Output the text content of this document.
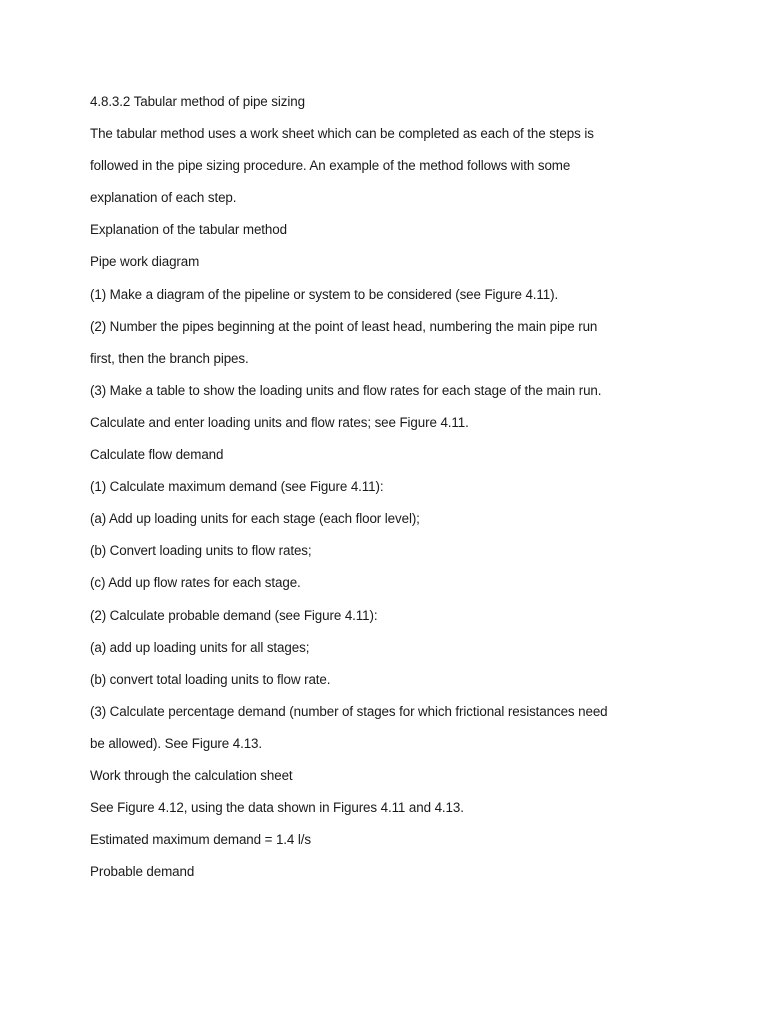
4.8.3.2 Tabular method of pipe sizing
The tabular method uses a work sheet which can be completed as each of the steps is
followed in the pipe sizing procedure. An example of the method follows with some
explanation of each step.
Explanation of the tabular method
Pipe work diagram
(1) Make a diagram of the pipeline or system to be considered (see Figure 4.11).
(2) Number the pipes beginning at the point of least head, numbering the main pipe run
first, then the branch pipes.
(3) Make a table to show the loading units and flow rates for each stage of the main run.
Calculate and enter loading units and flow rates; see Figure 4.11.
Calculate flow demand
(1) Calculate maximum demand (see Figure 4.11):
(a) Add up loading units for each stage (each floor level);
(b) Convert loading units to flow rates;
(c) Add up flow rates for each stage.
(2) Calculate probable demand (see Figure 4.11):
(a) add up loading units for all stages;
(b) convert total loading units to flow rate.
(3) Calculate percentage demand (number of stages for which frictional resistances need
be allowed). See Figure 4.13.
Work through the calculation sheet
See Figure 4.12, using the data shown in Figures 4.11 and 4.13.
Estimated maximum demand = 1.4 l/s
Probable demand
